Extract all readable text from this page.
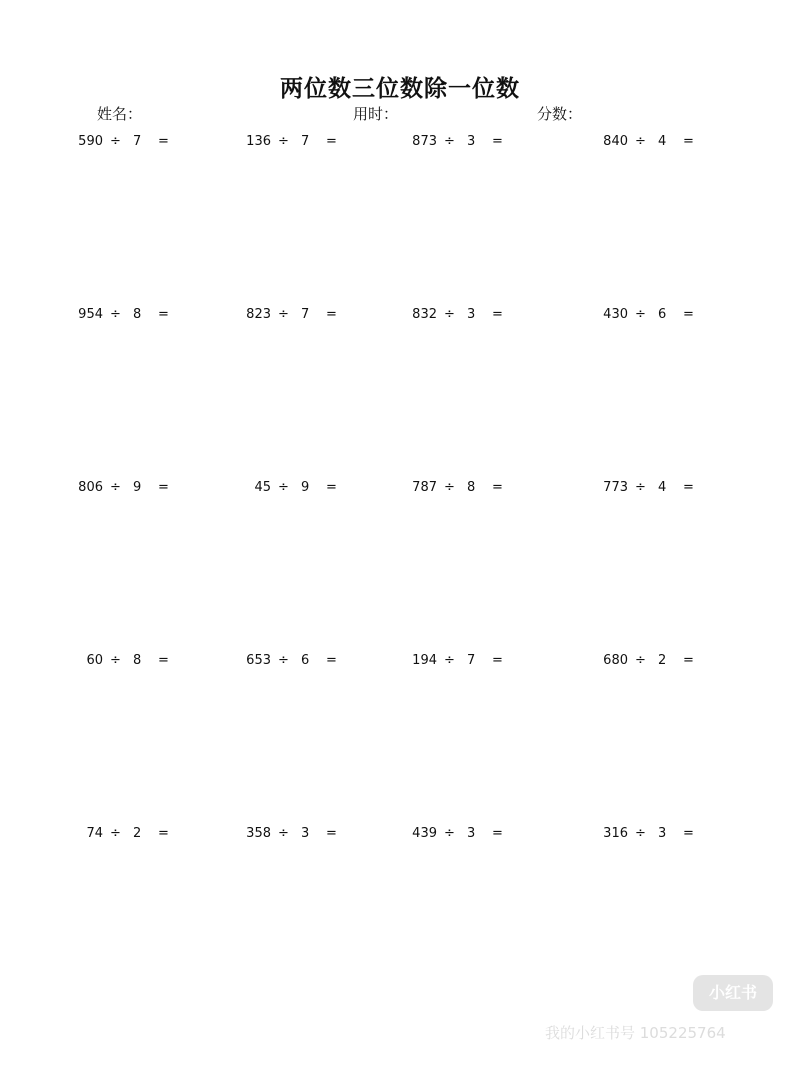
两位数三位数除一位数
姓名：	用时：	分数：
590 ÷ 7 =	136 ÷ 7 =	873 ÷ 3 =	840 ÷ 4 =
954 ÷ 8 =	823 ÷ 7 =	832 ÷ 3 =	430 ÷ 6 =
806 ÷ 9 =	45 ÷ 9 =	787 ÷ 8 =	773 ÷ 4 =
60 ÷ 8 =	653 ÷ 6 =	194 ÷ 7 =	680 ÷ 2 =
74 ÷ 2 =	358 ÷ 3 =	439 ÷ 3 =	316 ÷ 3 =
小红书
我的小红书号 105225764
